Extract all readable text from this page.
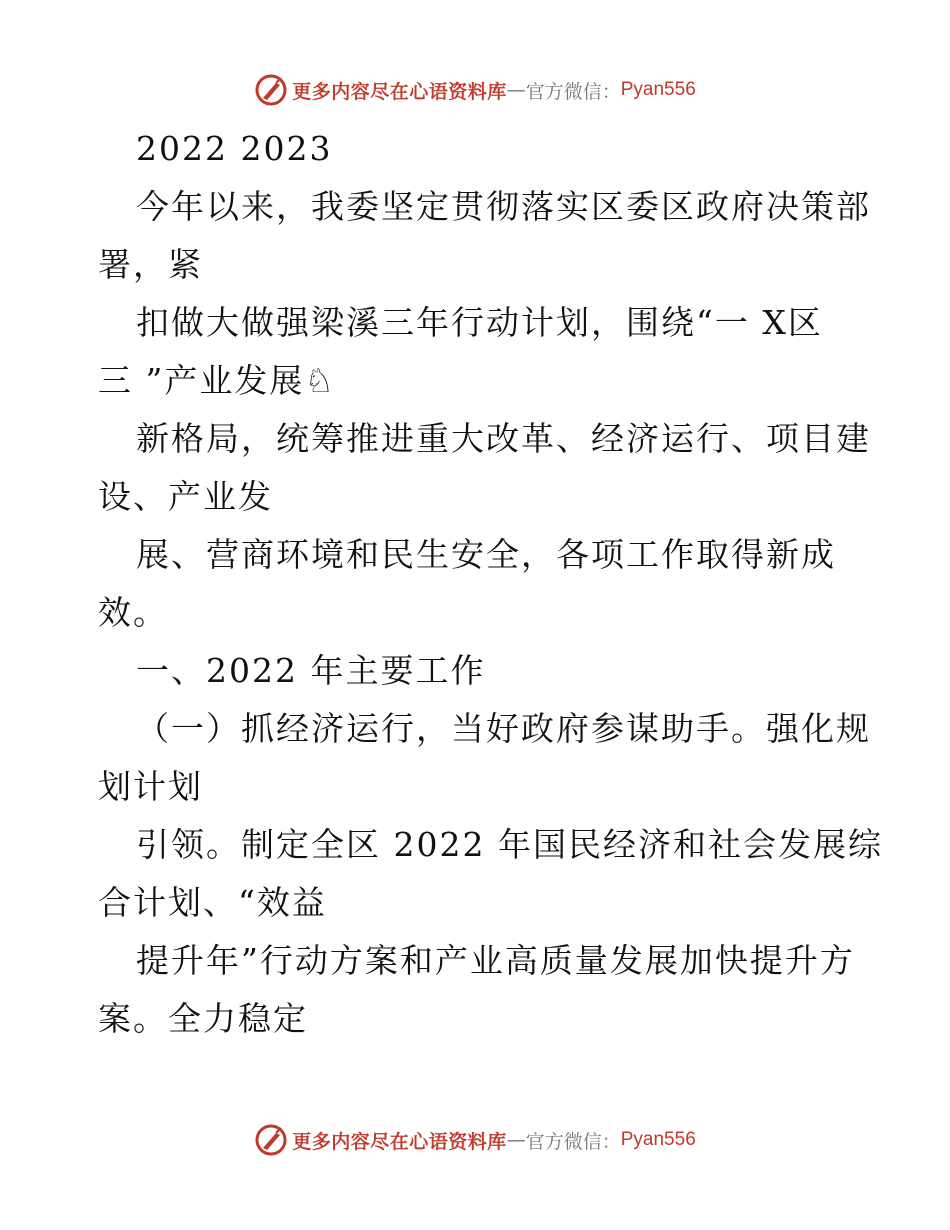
更多内容尽在心语资料库 — 官方微信： Pyan556
2022 2023
今年以来，我委坚定贯彻落实区委区政府决策部
署，紧
扣做大做强梁溪三年行动计划，围绕“一 X区
三 ”产业发展♘
新格局，统筹推进重大改革、经济运行、项目建
设、产业发
展、营商环境和民生安全，各项工作取得新成
效。
一、2022 年主要工作
（一）抓经济运行，当好政府参谋助手。强化规
划计划
引领。制定全区 2022 年国民经济和社会发展综
合计划、“效益
提升年”行动方案和产业高质量发展加快提升方
案。全力稳定
更多内容尽在心语资料库 — 官方微信： Pyan556
